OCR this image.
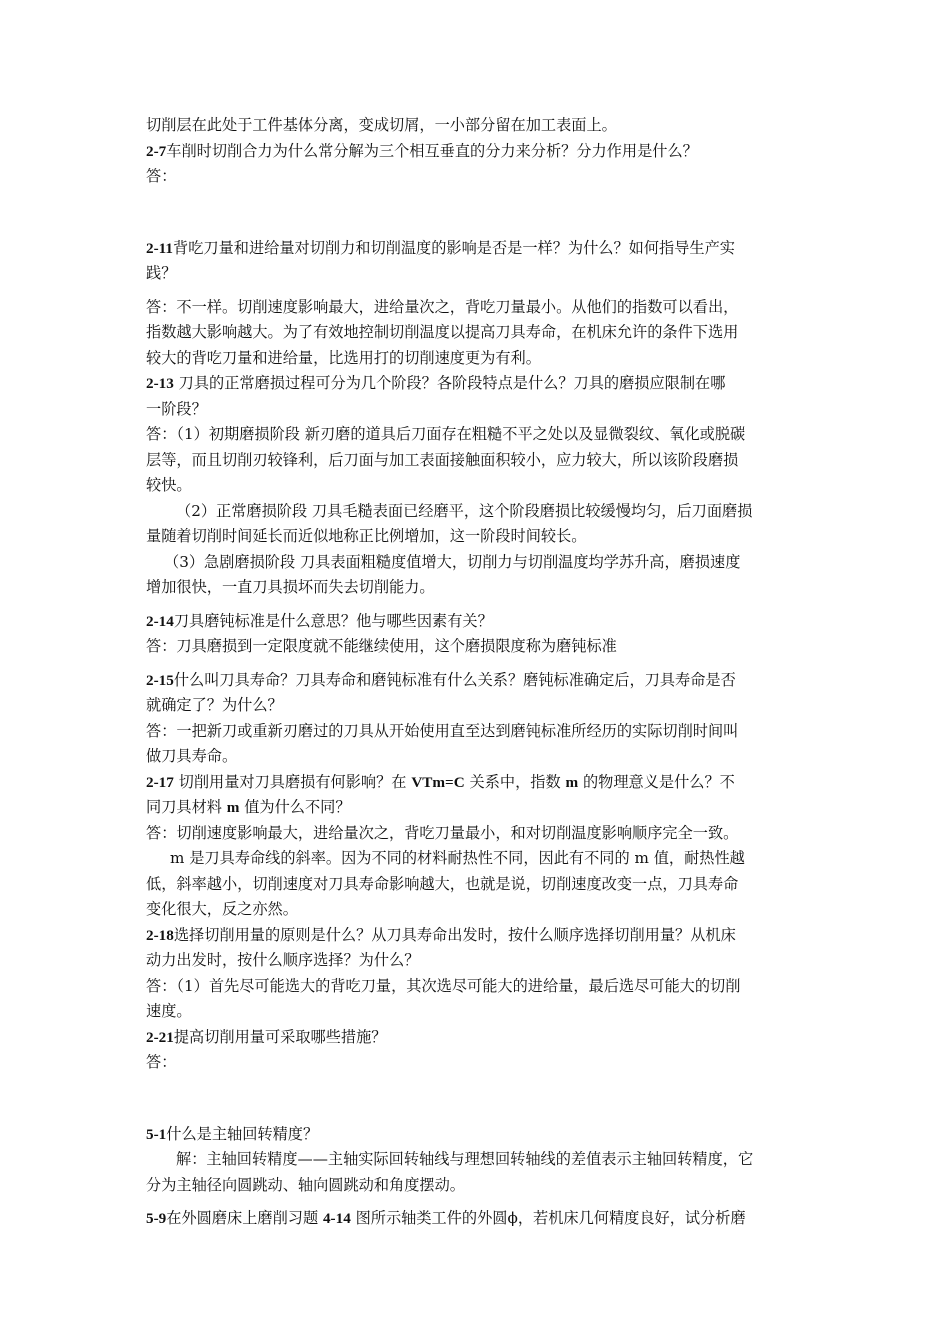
切削层在此处于工件基体分离，变成切屑，一小部分留在加工表面上。
2-7车削时切削合力为什么常分解为三个相互垂直的分力来分析？分力作用是什么？
答：
2-11背吃刀量和进给量对切削力和切削温度的影响是否是一样？为什么？如何指导生产实
践？
答：不一样。切削速度影响最大，进给量次之，背吃刀量最小。从他们的指数可以看出，
指数越大影响越大。为了有效地控制切削温度以提高刀具寿命，在机床允许的条件下选用
较大的背吃刀量和进给量，比选用打的切削速度更为有利。
2-13 刀具的正常磨损过程可分为几个阶段？各阶段特点是什么？刀具的磨损应限制在哪
一阶段？
答：（1）初期磨损阶段 新刃磨的道具后刀面存在粗糙不平之处以及显微裂纹、氧化或脱碳
层等，而且切削刃较锋利，后刀面与加工表面接触面积较小，应力较大，所以该阶段磨损
较快。
（2）正常磨损阶段 刀具毛糙表面已经磨平，这个阶段磨损比较缓慢均匀，后刀面磨损
量随着切削时间延长而近似地称正比例增加，这一阶段时间较长。
（3）急剧磨损阶段 刀具表面粗糙度值增大，切削力与切削温度均学苏升高，磨损速度
增加很快，一直刀具损坏而失去切削能力。
2-14刀具磨钝标准是什么意思？他与哪些因素有关？
答：刀具磨损到一定限度就不能继续使用，这个磨损限度称为磨钝标准
2-15什么叫刀具寿命？刀具寿命和磨钝标准有什么关系？磨钝标准确定后，刀具寿命是否
就确定了？为什么？
答：一把新刀或重新刃磨过的刀具从开始使用直至达到磨钝标准所经历的实际切削时间叫
做刀具寿命。
2-17 切削用量对刀具磨损有何影响？在 VTm=C 关系中，指数 m 的物理意义是什么？不
同刀具材料 m 值为什么不同？
答：切削速度影响最大，进给量次之，背吃刀量最小，和对切削温度影响顺序完全一致。
m 是刀具寿命线的斜率。因为不同的材料耐热性不同，因此有不同的 m 值，耐热性越
低，斜率越小，切削速度对刀具寿命影响越大，也就是说，切削速度改变一点，刀具寿命
变化很大，反之亦然。
2-18选择切削用量的原则是什么？从刀具寿命出发时，按什么顺序选择切削用量？从机床
动力出发时，按什么顺序选择？为什么？
答：（1）首先尽可能选大的背吃刀量，其次选尽可能大的进给量，最后选尽可能大的切削
速度。
2-21提高切削用量可采取哪些措施？
答：
5-1什么是主轴回转精度？
解：主轴回转精度——主轴实际回转轴线与理想回转轴线的差值表示主轴回转精度，它
分为主轴径向圆跳动、轴向圆跳动和角度摆动。
5-9在外圆磨床上磨削习题 4-14 图所示轴类工件的外圆ϕ，若机床几何精度良好，试分析磨
